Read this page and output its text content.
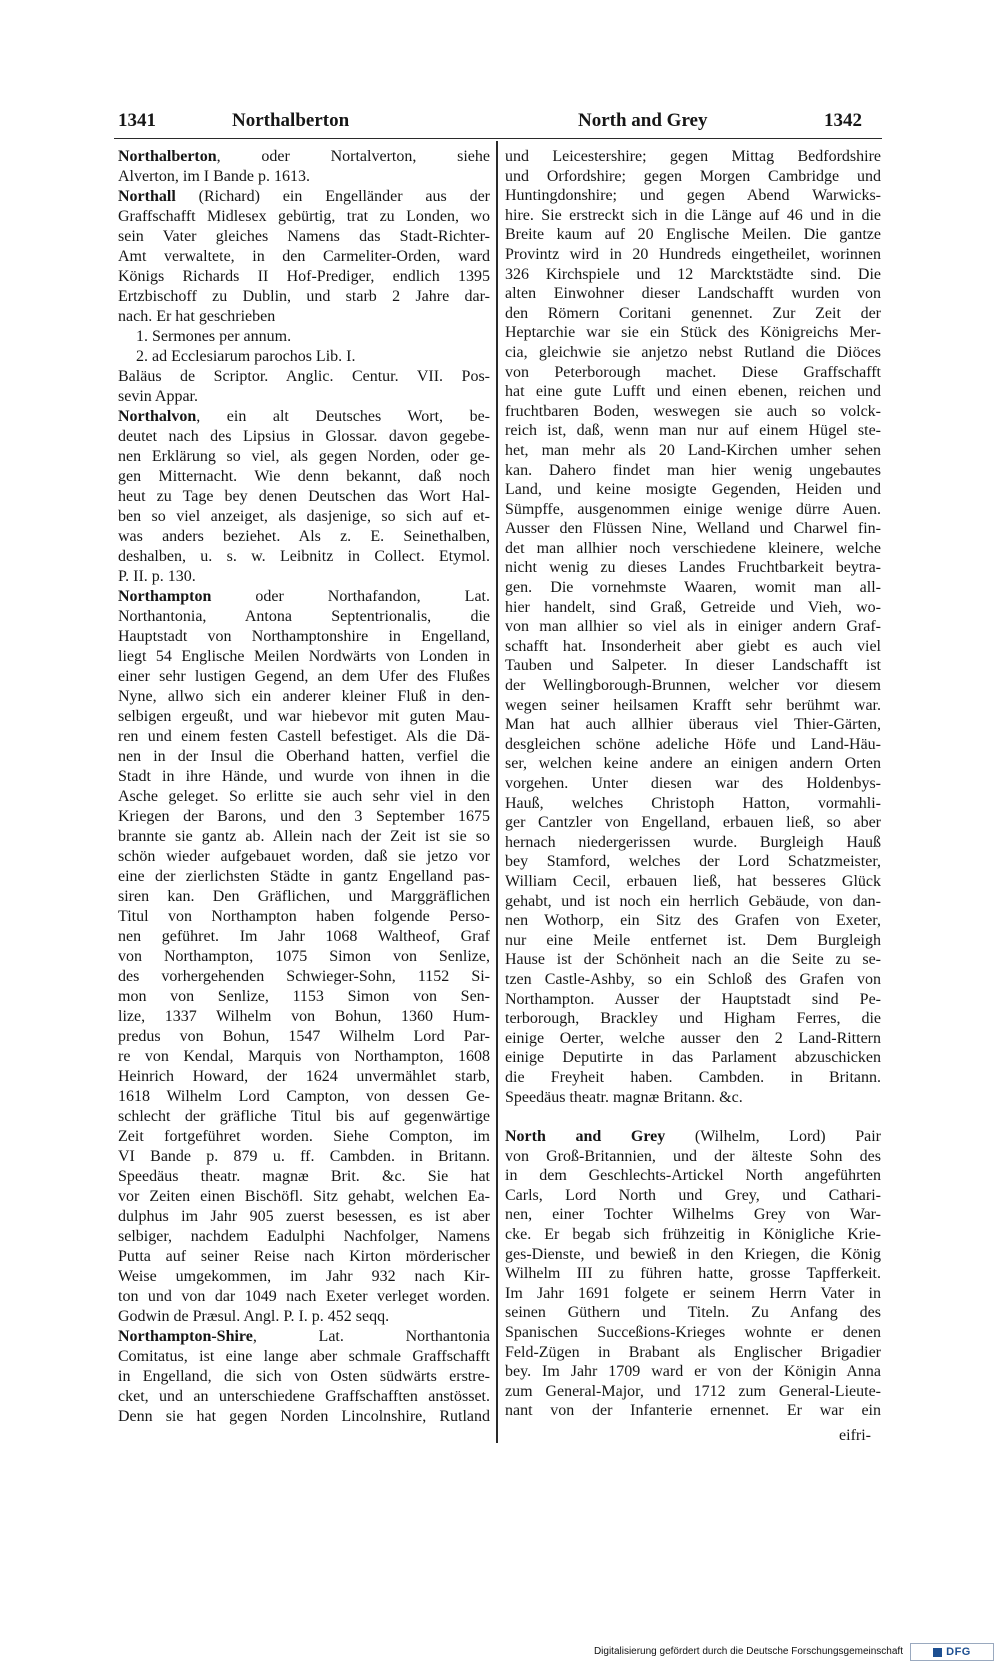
1341	Northalberton	North and Grey	1342
Northalberton, oder Nortalverton, siehe
Alverton, im I Bande p. 1613.
Northall (Richard) ein Engelländer aus der
Graffschafft Midlesex gebürtig, trat zu Londen, wo
sein Vater gleiches Namens das Stadt-Richter-
Amt verwaltete, in den Carmeliter-Orden, ward
Königs Richards II Hof-Prediger, endlich 1395
Ertzbischoff zu Dublin, und starb 2 Jahre dar-
nach. Er hat geschrieben
1. Sermones per annum.
2. ad Ecclesiarum parochos Lib. I.
Baläus de Scriptor. Anglic. Centur. VII. Pos-
sevin Appar.
Northalvon, ein alt Deutsches Wort, be-
deutet nach des Lipsius in Glossar. davon gegebe-
nen Erklärung so viel, als gegen Norden, oder ge-
gen Mitternacht. Wie denn bekannt, daß noch
heut zu Tage bey denen Deutschen das Wort Hal-
ben so viel anzeiget, als dasjenige, so sich auf et-
was anders beziehet. Als z. E. Seinethalben,
deshalben, u. s. w. Leibnitz in Collect. Etymol.
P. II. p. 130.
Northampton oder Northafandon, Lat.
Northantonia, Antona Septentrionalis, die
Hauptstadt von Northamptonshire in Engelland,
liegt 54 Englische Meilen Nordwärts von Londen in
einer sehr lustigen Gegend, an dem Ufer des Flußes
Nyne, allwo sich ein anderer kleiner Fluß in den-
selbigen ergeußt, und war hiebevor mit guten Mau-
ren und einem festen Castell befestiget. Als die Dä-
nen in der Insul die Oberhand hatten, verfiel die
Stadt in ihre Hände, und wurde von ihnen in die
Asche geleget. So erlitte sie auch sehr viel in den
Kriegen der Barons, und den 3 September 1675
brannte sie gantz ab. Allein nach der Zeit ist sie so
schön wieder aufgebauet worden, daß sie jetzo vor
eine der zierlichsten Städte in gantz Engelland pas-
siren kan. Den Gräflichen, und Marggräflichen
Titul von Northampton haben folgende Perso-
nen geführet. Im Jahr 1068 Waltheof, Graf
von Northampton, 1075 Simon von Senlize,
des vorhergehenden Schwieger-Sohn, 1152 Si-
mon von Senlize, 1153 Simon von Sen-
lize, 1337 Wilhelm von Bohun, 1360 Hum-
predus von Bohun, 1547 Wilhelm Lord Par-
re von Kendal, Marquis von Northampton, 1608
Heinrich Howard, der 1624 unvermählet starb,
1618 Wilhelm Lord Campton, von dessen Ge-
schlecht der gräfliche Titul bis auf gegenwärtige
Zeit fortgeführet worden. Siehe Compton, im
VI Bande p. 879 u. ff. Cambden. in Britann.
Speedäus theatr. magnæ Brit. &c. Sie hat
vor Zeiten einen Bischöfl. Sitz gehabt, welchen Ea-
dulphus im Jahr 905 zuerst besessen, es ist aber
selbiger, nachdem Eadulphi Nachfolger, Namens
Putta auf seiner Reise nach Kirton mörderischer
Weise umgekommen, im Jahr 932 nach Kir-
ton und von dar 1049 nach Exeter verleget worden.
Godwin de Præsul. Angl. P. I. p. 452 seqq.
Northampton-Shire, Lat. Northantonia
Comitatus, ist eine lange aber schmale Graffschafft
in Engelland, die sich von Osten südwärts erstre-
cket, und an unterschiedene Graffschafften anstösset.
Denn sie hat gegen Norden Lincolnshire, Rutland
und Leicestershire; gegen Mittag Bedfordshire
und Orfordshire; gegen Morgen Cambridge und
Huntingdonshire; und gegen Abend Warwicks-
hire. Sie erstreckt sich in die Länge auf 46 und in die
Breite kaum auf 20 Englische Meilen. Die gantze
Provintz wird in 20 Hundreds eingetheilet, worinnen
326 Kirchspiele und 12 Marcktstädte sind. Die
alten Einwohner dieser Landschafft wurden von
den Römern Coritani genennet. Zur Zeit der
Heptarchie war sie ein Stück des Königreichs Mer-
cia, gleichwie sie anjetzo nebst Rutland die Diöces
von Peterborough machet. Diese Graffschafft
hat eine gute Lufft und einen ebenen, reichen und
fruchtbaren Boden, weswegen sie auch so volck-
reich ist, daß, wenn man nur auf einem Hügel ste-
het, man mehr als 20 Land-Kirchen umher sehen
kan. Dahero findet man hier wenig ungebautes
Land, und keine mosigte Gegenden, Heiden und
Sümpffe, ausgenommen einige wenige dürre Auen.
Ausser den Flüssen Nine, Welland und Charwel fin-
det man allhier noch verschiedene kleinere, welche
nicht wenig zu dieses Landes Fruchtbarkeit beytra-
gen. Die vornehmste Waaren, womit man all-
hier handelt, sind Graß, Getreide und Vieh, wo-
von man allhier so viel als in einiger andern Graf-
schafft hat. Insonderheit aber giebt es auch viel
Tauben und Salpeter. In dieser Landschafft ist
der Wellingborough-Brunnen, welcher vor diesem
wegen seiner heilsamen Krafft sehr berühmt war.
Man hat auch allhier überaus viel Thier-Gärten,
desgleichen schöne adeliche Höfe und Land-Häu-
ser, welchen keine andere an einigen andern Orten
vorgehen. Unter diesen war des Holdenbys-
Hauß, welches Christoph Hatton, vormahli-
ger Cantzler von Engelland, erbauen ließ, so aber
hernach niedergerissen wurde. Burgleigh Hauß
bey Stamford, welches der Lord Schatzmeister,
William Cecil, erbauen ließ, hat besseres Glück
gehabt, und ist noch ein herrlich Gebäude, von dan-
nen Wothorp, ein Sitz des Grafen von Exeter,
nur eine Meile entfernet ist. Dem Burgleigh
Hause ist der Schönheit nach an die Seite zu se-
tzen Castle-Ashby, so ein Schloß des Grafen von
Northampton. Ausser der Hauptstadt sind Pe-
terborough, Brackley und Higham Ferres, die
einige Oerter, welche ausser den 2 Land-Rittern
einige Deputirte in das Parlament abzuschicken
die Freyheit haben. Cambden. in Britann.
Speedäus theatr. magnæ Britann. &c.
North and Grey (Wilhelm, Lord) Pair
von Groß-Britannien, und der älteste Sohn des
in dem Geschlechts-Artickel North angeführten
Carls, Lord North und Grey, und Cathari-
nen, einer Tochter Wilhelms Grey von War-
cke. Er begab sich frühzeitig in Königliche Krie-
ges-Dienste, und bewieß in den Kriegen, die König
Wilhelm III zu führen hatte, grosse Tapfferkeit.
Im Jahr 1691 folgete er seinem Herrn Vater in
seinen Güthern und Titeln. Zu Anfang des
Spanischen Succeßions-Krieges wohnte er denen
Feld-Zügen in Brabant als Englischer Brigadier
bey. Im Jahr 1709 ward er von der Königin Anna
zum General-Major, und 1712 zum General-Lieute-
nant von der Infanterie ernennet. Er war ein
eifri-
Digitalisierung gefördert durch die Deutsche Forschungsgemeinschaft	DFG
